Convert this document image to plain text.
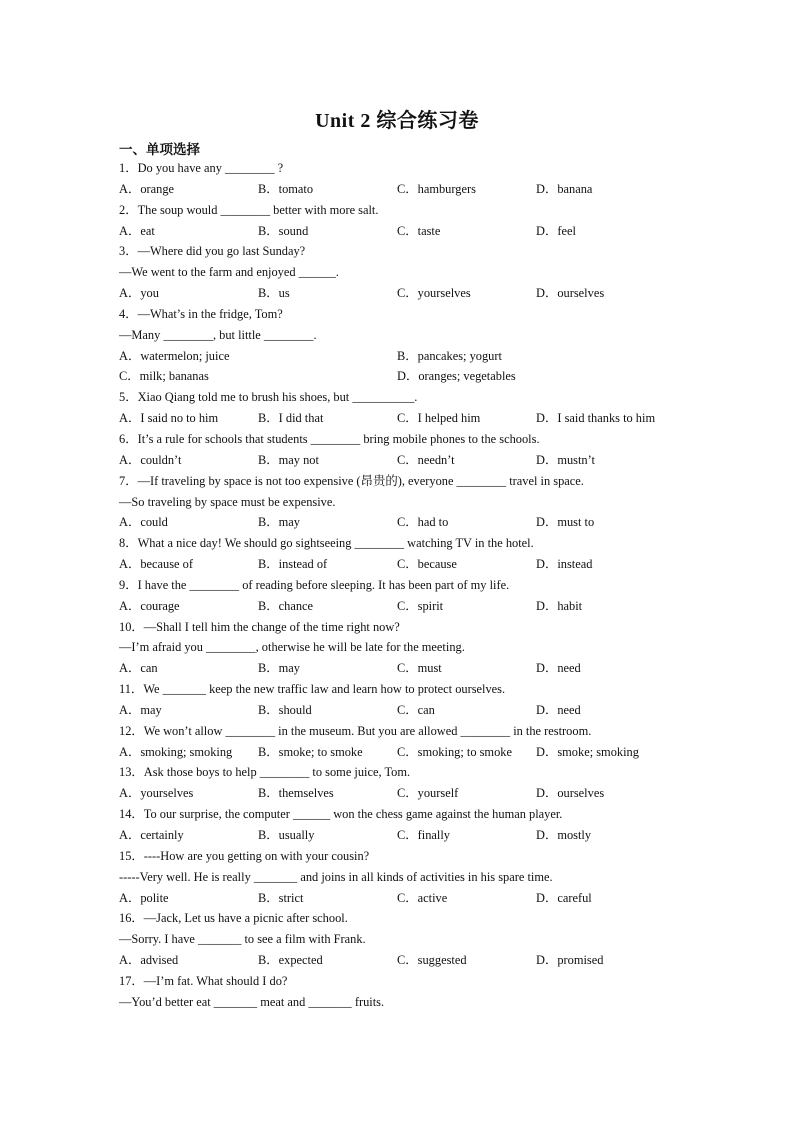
Unit 2 综合练习卷
一、单项选择
1．Do you have any ________ ?
A．orange	B．tomato	C．hamburgers	D．banana
2．The soup would ________ better with more salt.
A．eat	B．sound	C．taste	D．feel
3．—Where did you go last Sunday?
—We went to the farm and enjoyed ______.
A．you	B．us	C．yourselves	D．ourselves
4．—What’s in the fridge, Tom?
—Many ________, but little ________.
A．watermelon; juice	B．pancakes; yogurt
C．milk; bananas	D．oranges; vegetables
5．Xiao Qiang told me to brush his shoes, but __________.
A．I said no to him	B．I did that	C．I helped him	D．I said thanks to him
6．It’s a rule for schools that students ________ bring mobile phones to the schools.
A．couldn’t	B．may not	C．needn’t	D．mustn’t
7．—If traveling by space is not too expensive (昂贵的), everyone ________ travel in space.
—So traveling by space must be expensive.
A．could	B．may	C．had to	D．must to
8．What a nice day! We should go sightseeing ________ watching TV in the hotel.
A．because of	B．instead of	C．because	D．instead
9．I have the ________ of reading before sleeping. It has been part of my life.
A．courage	B．chance	C．spirit	D．habit
10．—Shall I tell him the change of the time right now?
—I’m afraid you ________, otherwise he will be late for the meeting.
A．can	B．may	C．must	D．need
11．We _______ keep the new traffic law and learn how to protect ourselves.
A．may	B．should	C．can	D．need
12．We won’t allow ________ in the museum. But you are allowed ________ in the restroom.
A．smoking; smoking B．smoke; to smoke	C．smoking; to smoke D．smoke; smoking
13．Ask those boys to help ________ to some juice, Tom.
A．yourselves	B．themselves	C．yourself	D．ourselves
14．To our surprise, the computer ______ won the chess game against the human player.
A．certainly	B．usually	C．finally	D．mostly
15．----How are you getting on with your cousin?
-----Very well. He is really _______ and joins in all kinds of activities in his spare time.
A．polite	B．strict	C．active	D．careful
16．—Jack, Let us have a picnic after school.
—Sorry. I have _______ to see a film with Frank.
A．advised	B．expected	C．suggested	D．promised
17．—I’m fat. What should I do?
—You’d better eat _______ meat and _______ fruits.
